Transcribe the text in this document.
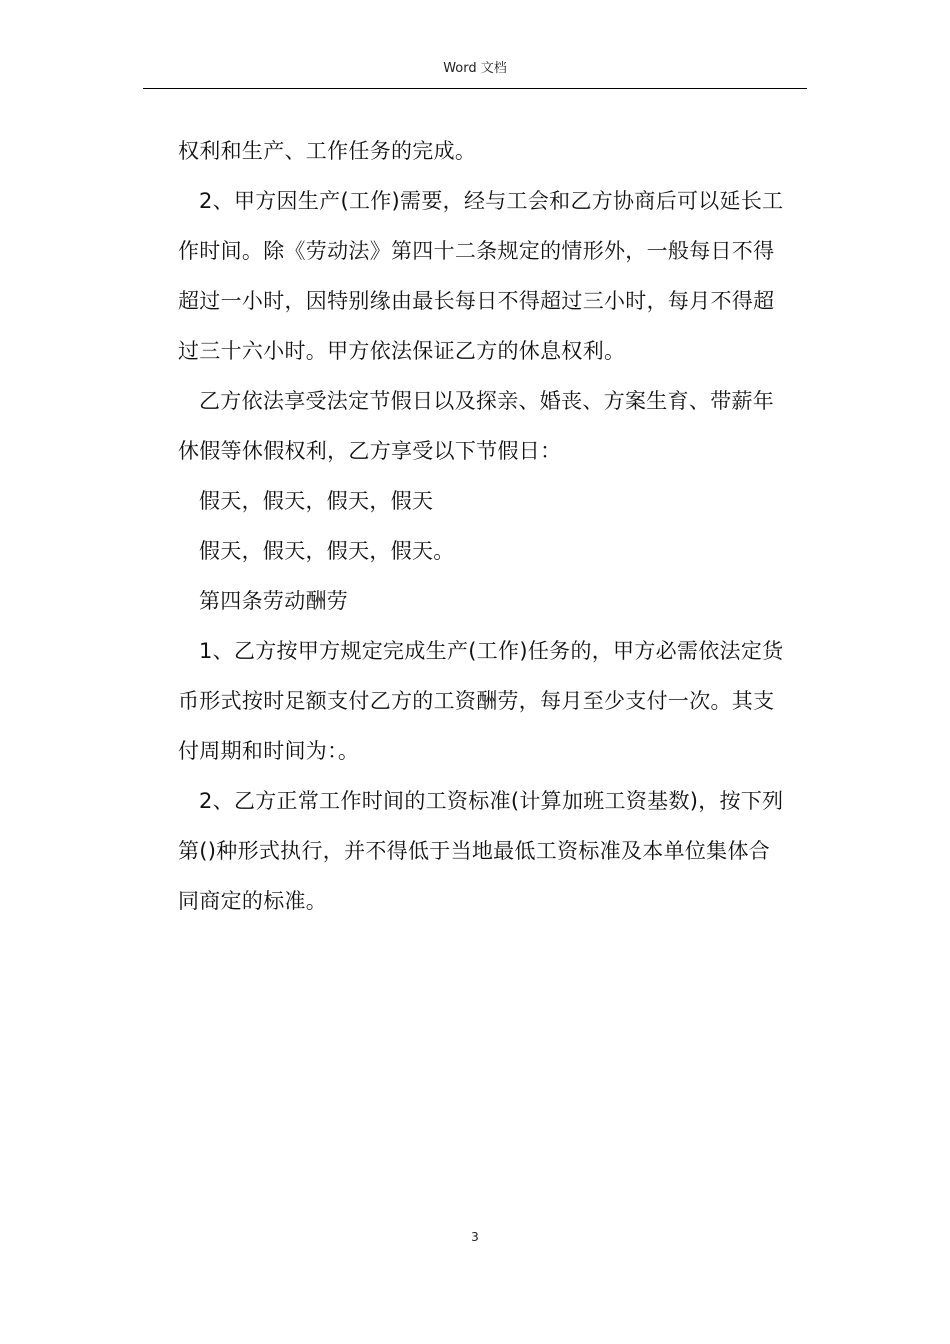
Word 文档
权利和生产、工作任务的完成。
2、甲方因生产(工作)需要，经与工会和乙方协商后可以延长工
作时间。除《劳动法》第四十二条规定的情形外，一般每日不得
超过一小时，因特别缘由最长每日不得超过三小时，每月不得超
过三十六小时。甲方依法保证乙方的休息权利。
乙方依法享受法定节假日以及探亲、婚丧、方案生育、带薪年
休假等休假权利，乙方享受以下节假日：
假天，假天，假天，假天
假天，假天，假天，假天。
第四条劳动酬劳
1、乙方按甲方规定完成生产(工作)任务的，甲方必需依法定货
币形式按时足额支付乙方的工资酬劳，每月至少支付一次。其支
付周期和时间为：。
2、乙方正常工作时间的工资标准(计算加班工资基数)，按下列
第()种形式执行，并不得低于当地最低工资标准及本单位集体合
同商定的标准。
3
